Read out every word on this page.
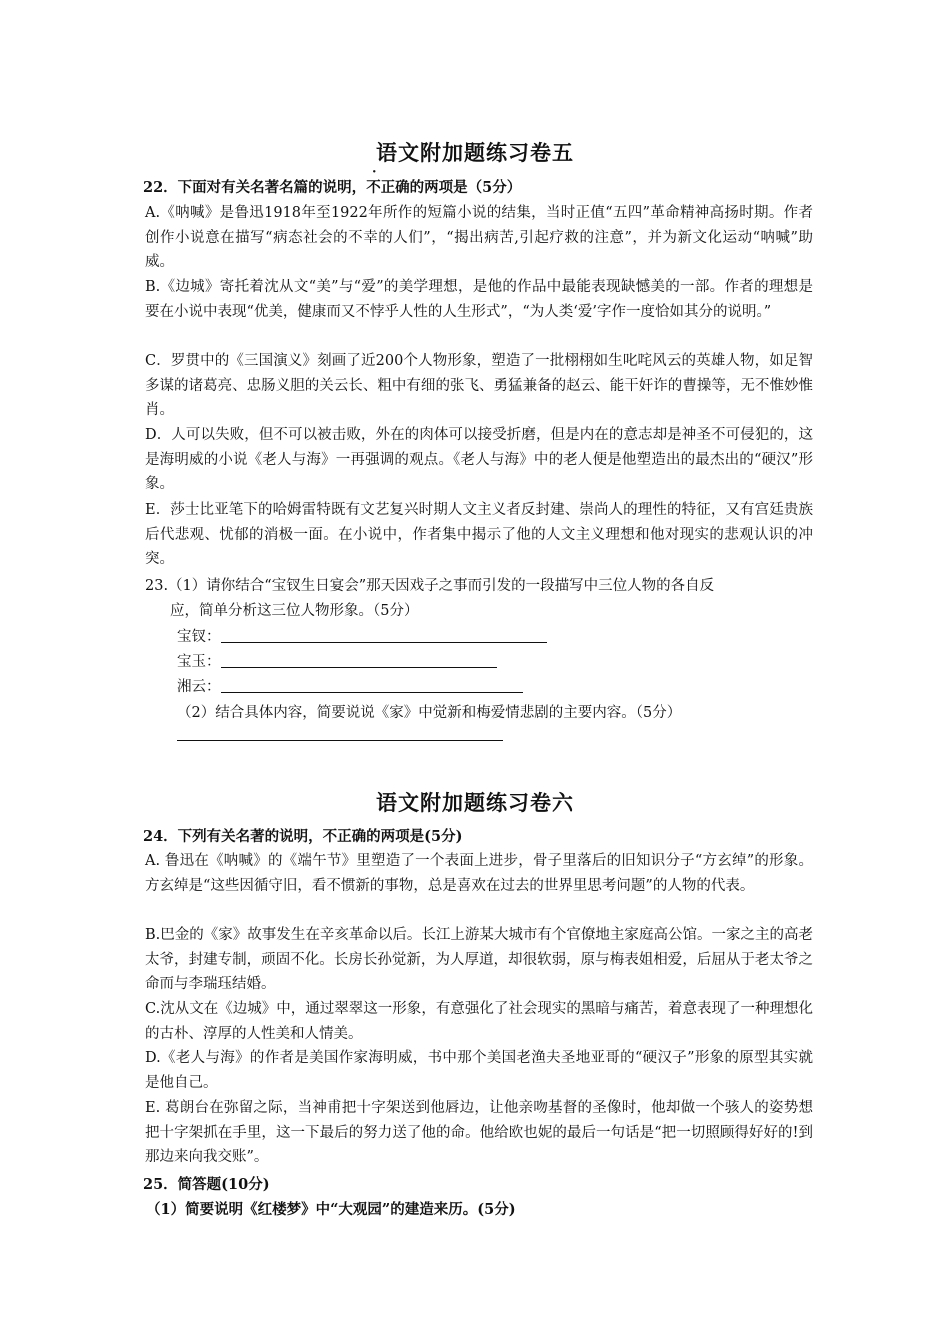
语文附加题练习卷五
22．下面对有关名著名篇的说明，不正确的两项是（5分）
A.《呐喊》是鲁迅1918年至1922年所作的短篇小说的结集，当时正值“五四”革命精神高扬时期。作者创作小说意在描写“病态社会的不幸的人们”，“揭出病苦,引起疗救的注意”，并为新文化运动“呐喊”助威。
B.《边城》寄托着沈从文“美”与“爱”的美学理想，是他的作品中最能表现缺憾美的一部。作者的理想是要在小说中表现“优美，健康而又不悖乎人性的人生形式”，“为人类‘爱’字作一度恰如其分的说明。”
C．罗贯中的《三国演义》刻画了近200个人物形象，塑造了一批栩栩如生叱咤风云的英雄人物，如足智多谋的诸葛亮、忠肠义胆的关云长、粗中有细的张飞、勇猛兼备的赵云、能干奸诈的曹操等，无不惟妙惟肖。
D．人可以失败，但不可以被击败，外在的肉体可以接受折磨，但是内在的意志却是神圣不可侵犯的，这是海明威的小说《老人与海》一再强调的观点。《老人与海》中的老人便是他塑造出的最杰出的“硬汉”形象。
E．莎士比亚笔下的哈姆雷特既有文艺复兴时期人文主义者反封建、崇尚人的理性的特征，又有宫廷贵族后代悲观、忧郁的消极一面。在小说中，作者集中揭示了他的人文主义理想和他对现实的悲观认识的冲突。
23.（1）请你结合“宝钗生日宴会”那天因戏子之事而引发的一段描写中三位人物的各自反
应，简单分析这三位人物形象。（5分）
宝钗：
宝玉：
湘云：
（2）结合具体内容，简要说说《家》中觉新和梅爱情悲剧的主要内容。（5分）
语文附加题练习卷六
24．下列有关名著的说明，不正确的两项是(5分)
A. 鲁迅在《呐喊》的《端午节》里塑造了一个表面上进步，骨子里落后的旧知识分子“方玄绰”的形象。方玄绰是“这些因循守旧，看不惯新的事物，总是喜欢在过去的世界里思考问题”的人物的代表。
B.巴金的《家》故事发生在辛亥革命以后。长江上游某大城市有个官僚地主家庭高公馆。一家之主的高老太爷，封建专制，顽固不化。长房长孙觉新，为人厚道，却很软弱，原与梅表姐相爱，后屈从于老太爷之命而与李瑞珏结婚。
C.沈从文在《边城》中，通过翠翠这一形象，有意强化了社会现实的黑暗与痛苦，着意表现了一种理想化的古朴、淳厚的人性美和人情美。
D.《老人与海》的作者是美国作家海明威，书中那个美国老渔夫圣地亚哥的“硬汉子”形象的原型其实就是他自己。
E. 葛朗台在弥留之际，当神甫把十字架送到他唇边，让他亲吻基督的圣像时，他却做一个骇人的姿势想把十字架抓在手里，这一下最后的努力送了他的命。他给欧也妮的最后一句话是“把一切照顾得好好的!到那边来向我交账”。
25．简答题(10分)
（1）简要说明《红楼梦》中“大观园”的建造来历。(5分)
